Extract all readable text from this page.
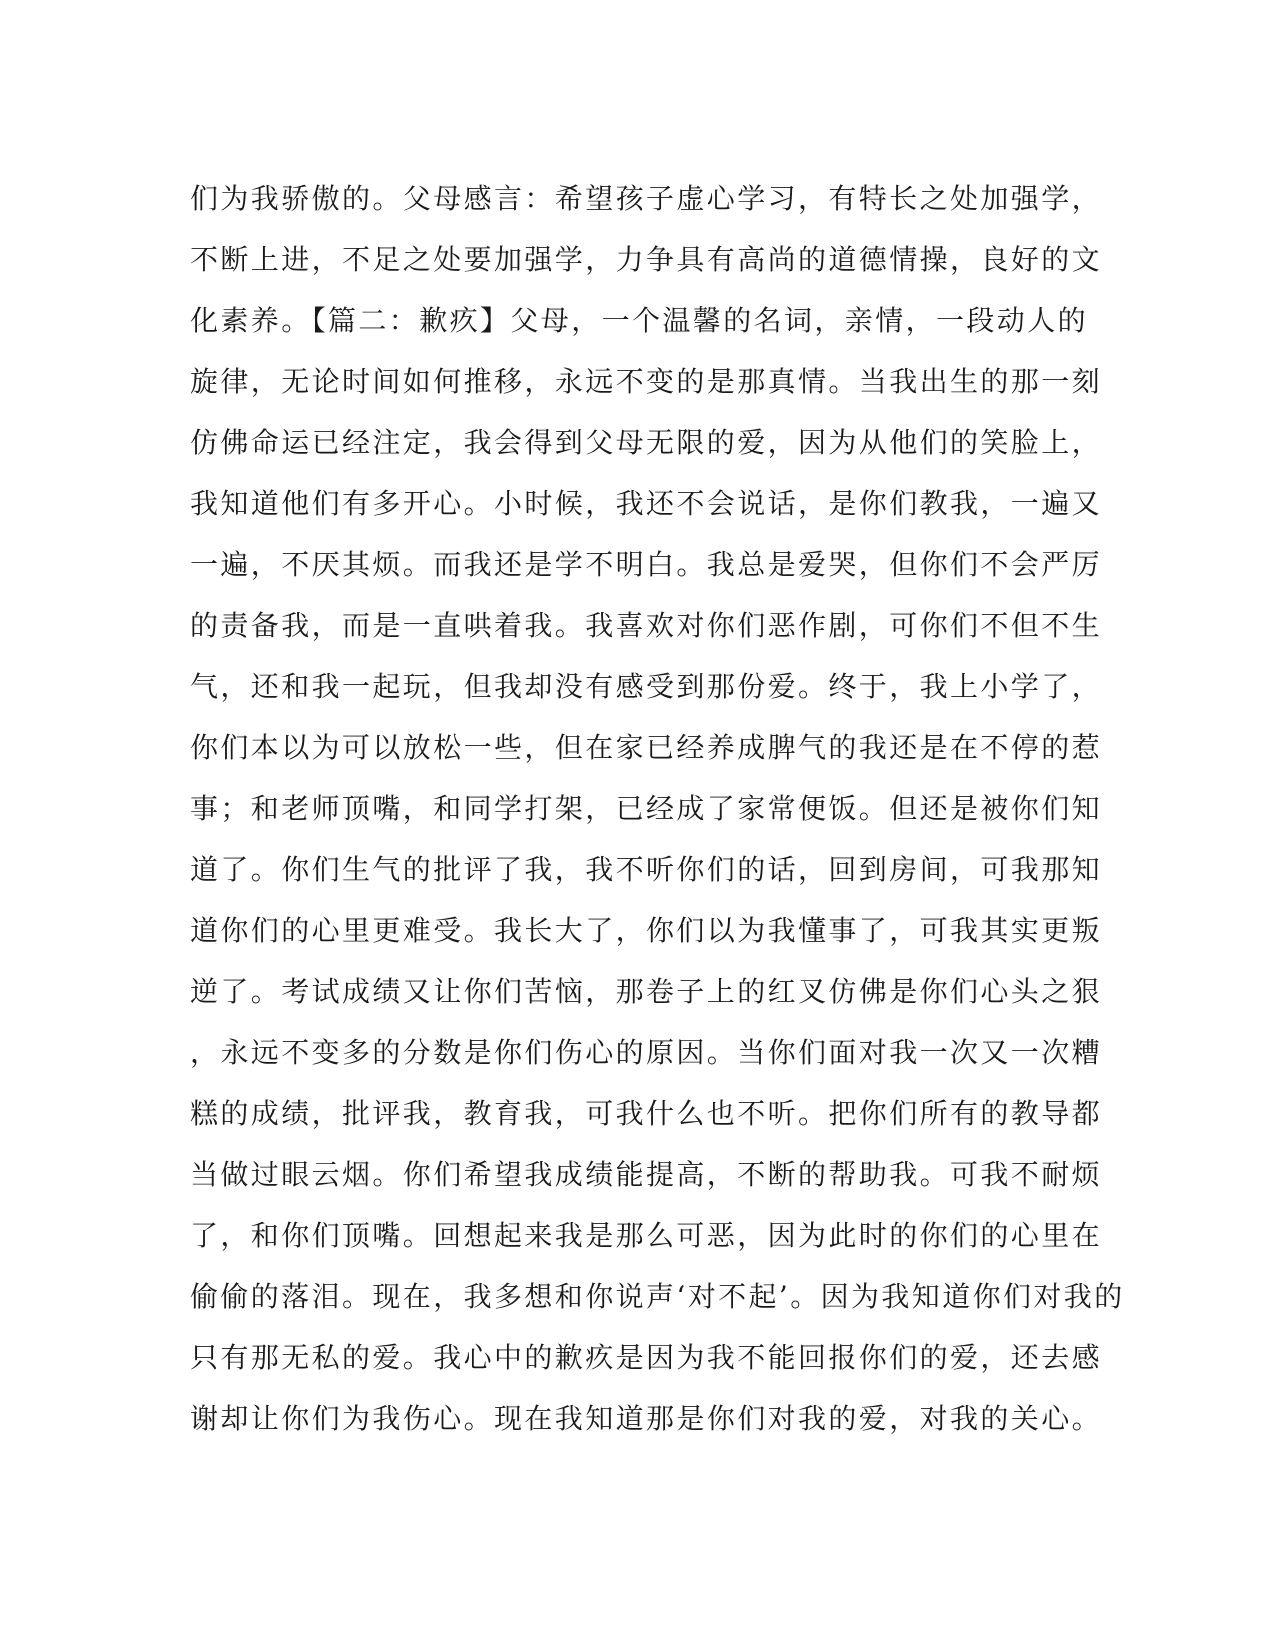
们为我骄傲的。父母感言：希望孩子虚心学习，有特长之处加强学，
不断上进，不足之处要加强学，力争具有高尚的道德情操，良好的文
化素养。【篇二：歉疚】父母，一个温馨的名词，亲情，一段动人的
旋律，无论时间如何推移，永远不变的是那真情。当我出生的那一刻
仿佛命运已经注定，我会得到父母无限的爱，因为从他们的笑脸上，
我知道他们有多开心。小时候，我还不会说话，是你们教我，一遍又
一遍，不厌其烦。而我还是学不明白。我总是爱哭，但你们不会严厉
的责备我，而是一直哄着我。我喜欢对你们恶作剧，可你们不但不生
气，还和我一起玩，但我却没有感受到那份爱。终于，我上小学了，
你们本以为可以放松一些，但在家已经养成脾气的我还是在不停的惹
事；和老师顶嘴，和同学打架，已经成了家常便饭。但还是被你们知
道了。你们生气的批评了我，我不听你们的话，回到房间，可我那知
道你们的心里更难受。我长大了，你们以为我懂事了，可我其实更叛
逆了。考试成绩又让你们苦恼，那卷子上的红叉仿佛是你们心头之狠
，永远不变多的分数是你们伤心的原因。当你们面对我一次又一次糟
糕的成绩，批评我，教育我，可我什么也不听。把你们所有的教导都
当做过眼云烟。你们希望我成绩能提高，不断的帮助我。可我不耐烦
了，和你们顶嘴。回想起来我是那么可恶，因为此时的你们的心里在
偷偷的落泪。现在，我多想和你说声‘对不起’。因为我知道你们对我的
只有那无私的爱。我心中的歉疚是因为我不能回报你们的爱，还去感
谢却让你们为我伤心。现在我知道那是你们对我的爱，对我的关心。
